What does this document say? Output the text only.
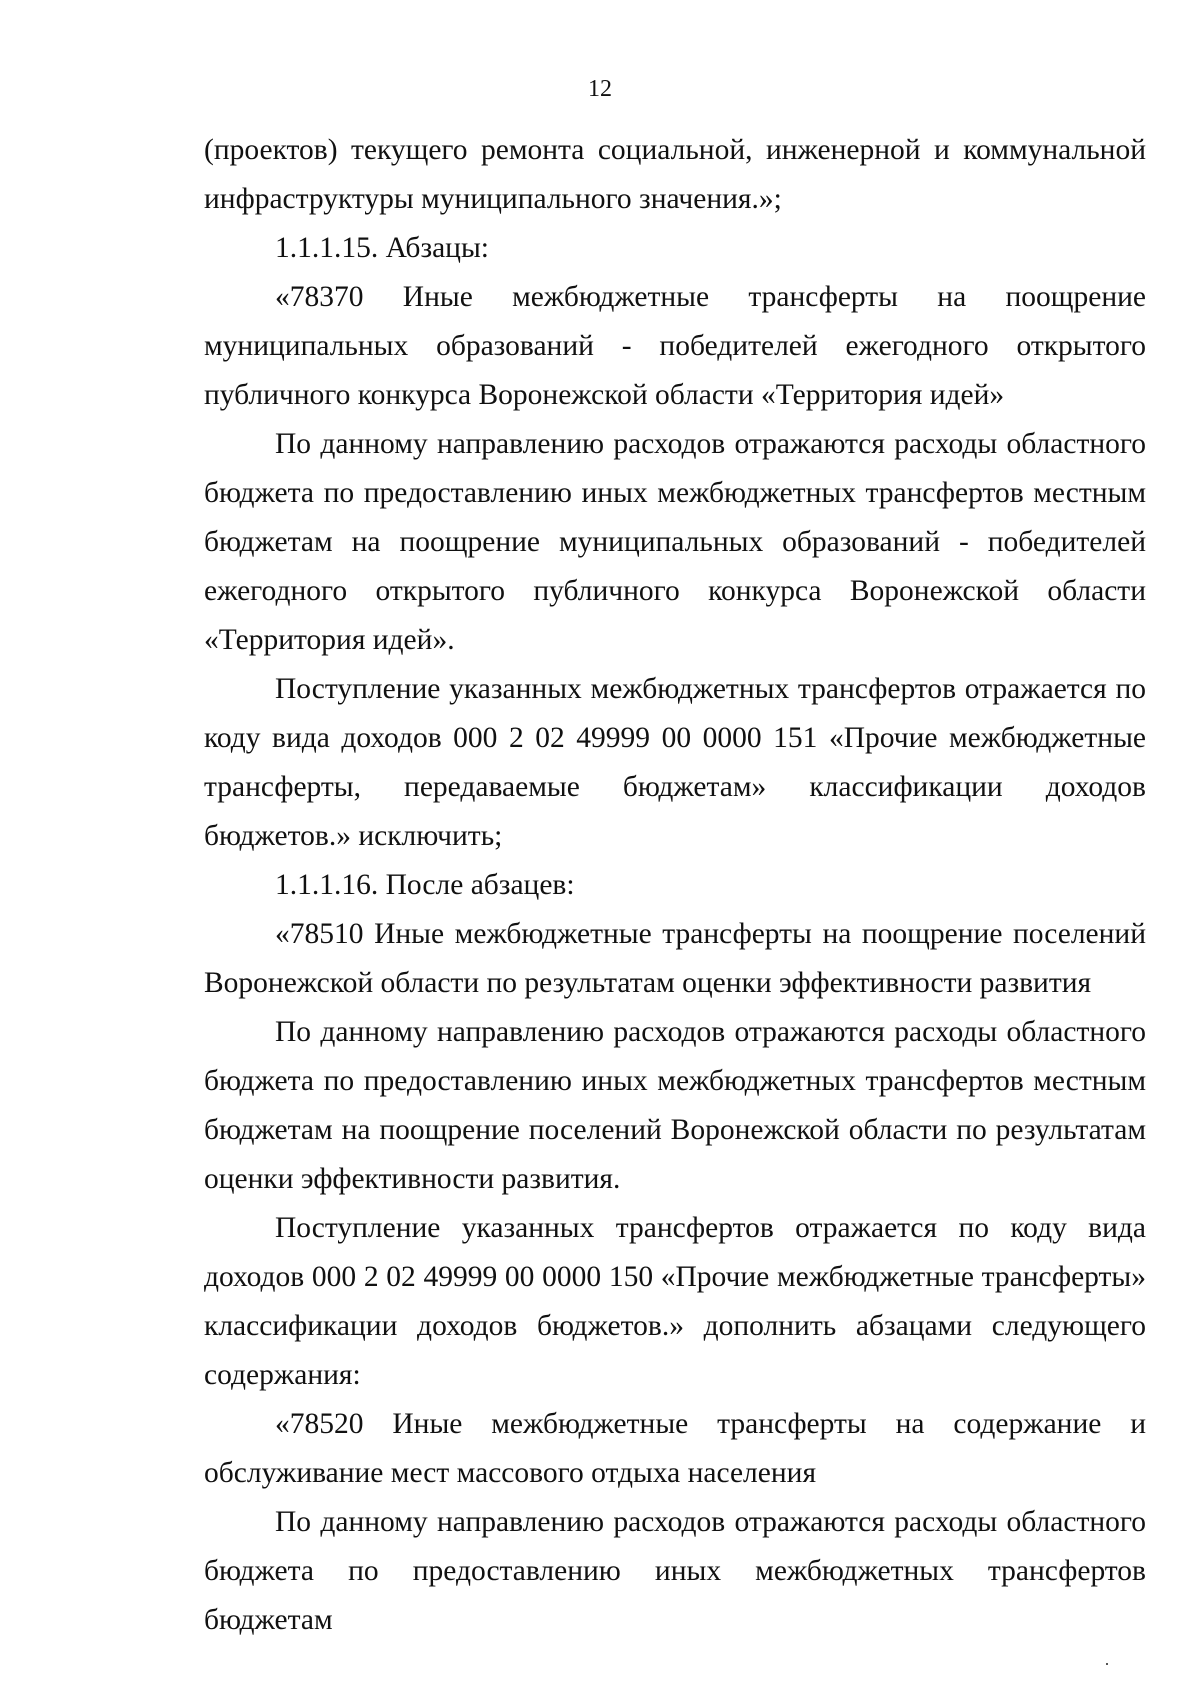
12

(проектов) текущего ремонта социальной, инженерной и коммунальной инфраструктуры муниципального значения.»;

1.1.1.15. Абзацы:

«78370 Иные межбюджетные трансферты на поощрение муниципальных образований - победителей ежегодного открытого публичного конкурса Воронежской области «Территория идей»

По данному направлению расходов отражаются расходы областного бюджета по предоставлению иных межбюджетных трансфертов местным бюджетам на поощрение муниципальных образований - победителей ежегодного открытого публичного конкурса Воронежской области «Территория идей».

Поступление указанных межбюджетных трансфертов отражается по коду вида доходов 000 2 02 49999 00 0000 151 «Прочие межбюджетные трансферты, передаваемые бюджетам» классификации доходов бюджетов.» исключить;

1.1.1.16. После абзацев:

«78510 Иные межбюджетные трансферты на поощрение поселений Воронежской области по результатам оценки эффективности развития

По данному направлению расходов отражаются расходы областного бюджета по предоставлению иных межбюджетных трансфертов местным бюджетам на поощрение поселений Воронежской области по результатам оценки эффективности развития.

Поступление указанных трансфертов отражается по коду вида доходов 000 2 02 49999 00 0000 150 «Прочие межбюджетные трансферты» классификации доходов бюджетов.» дополнить абзацами следующего содержания:

«78520 Иные межбюджетные трансферты на содержание и обслуживание мест массового отдыха населения

По данному направлению расходов отражаются расходы областного бюджета по предоставлению иных межбюджетных трансфертов бюджетам
